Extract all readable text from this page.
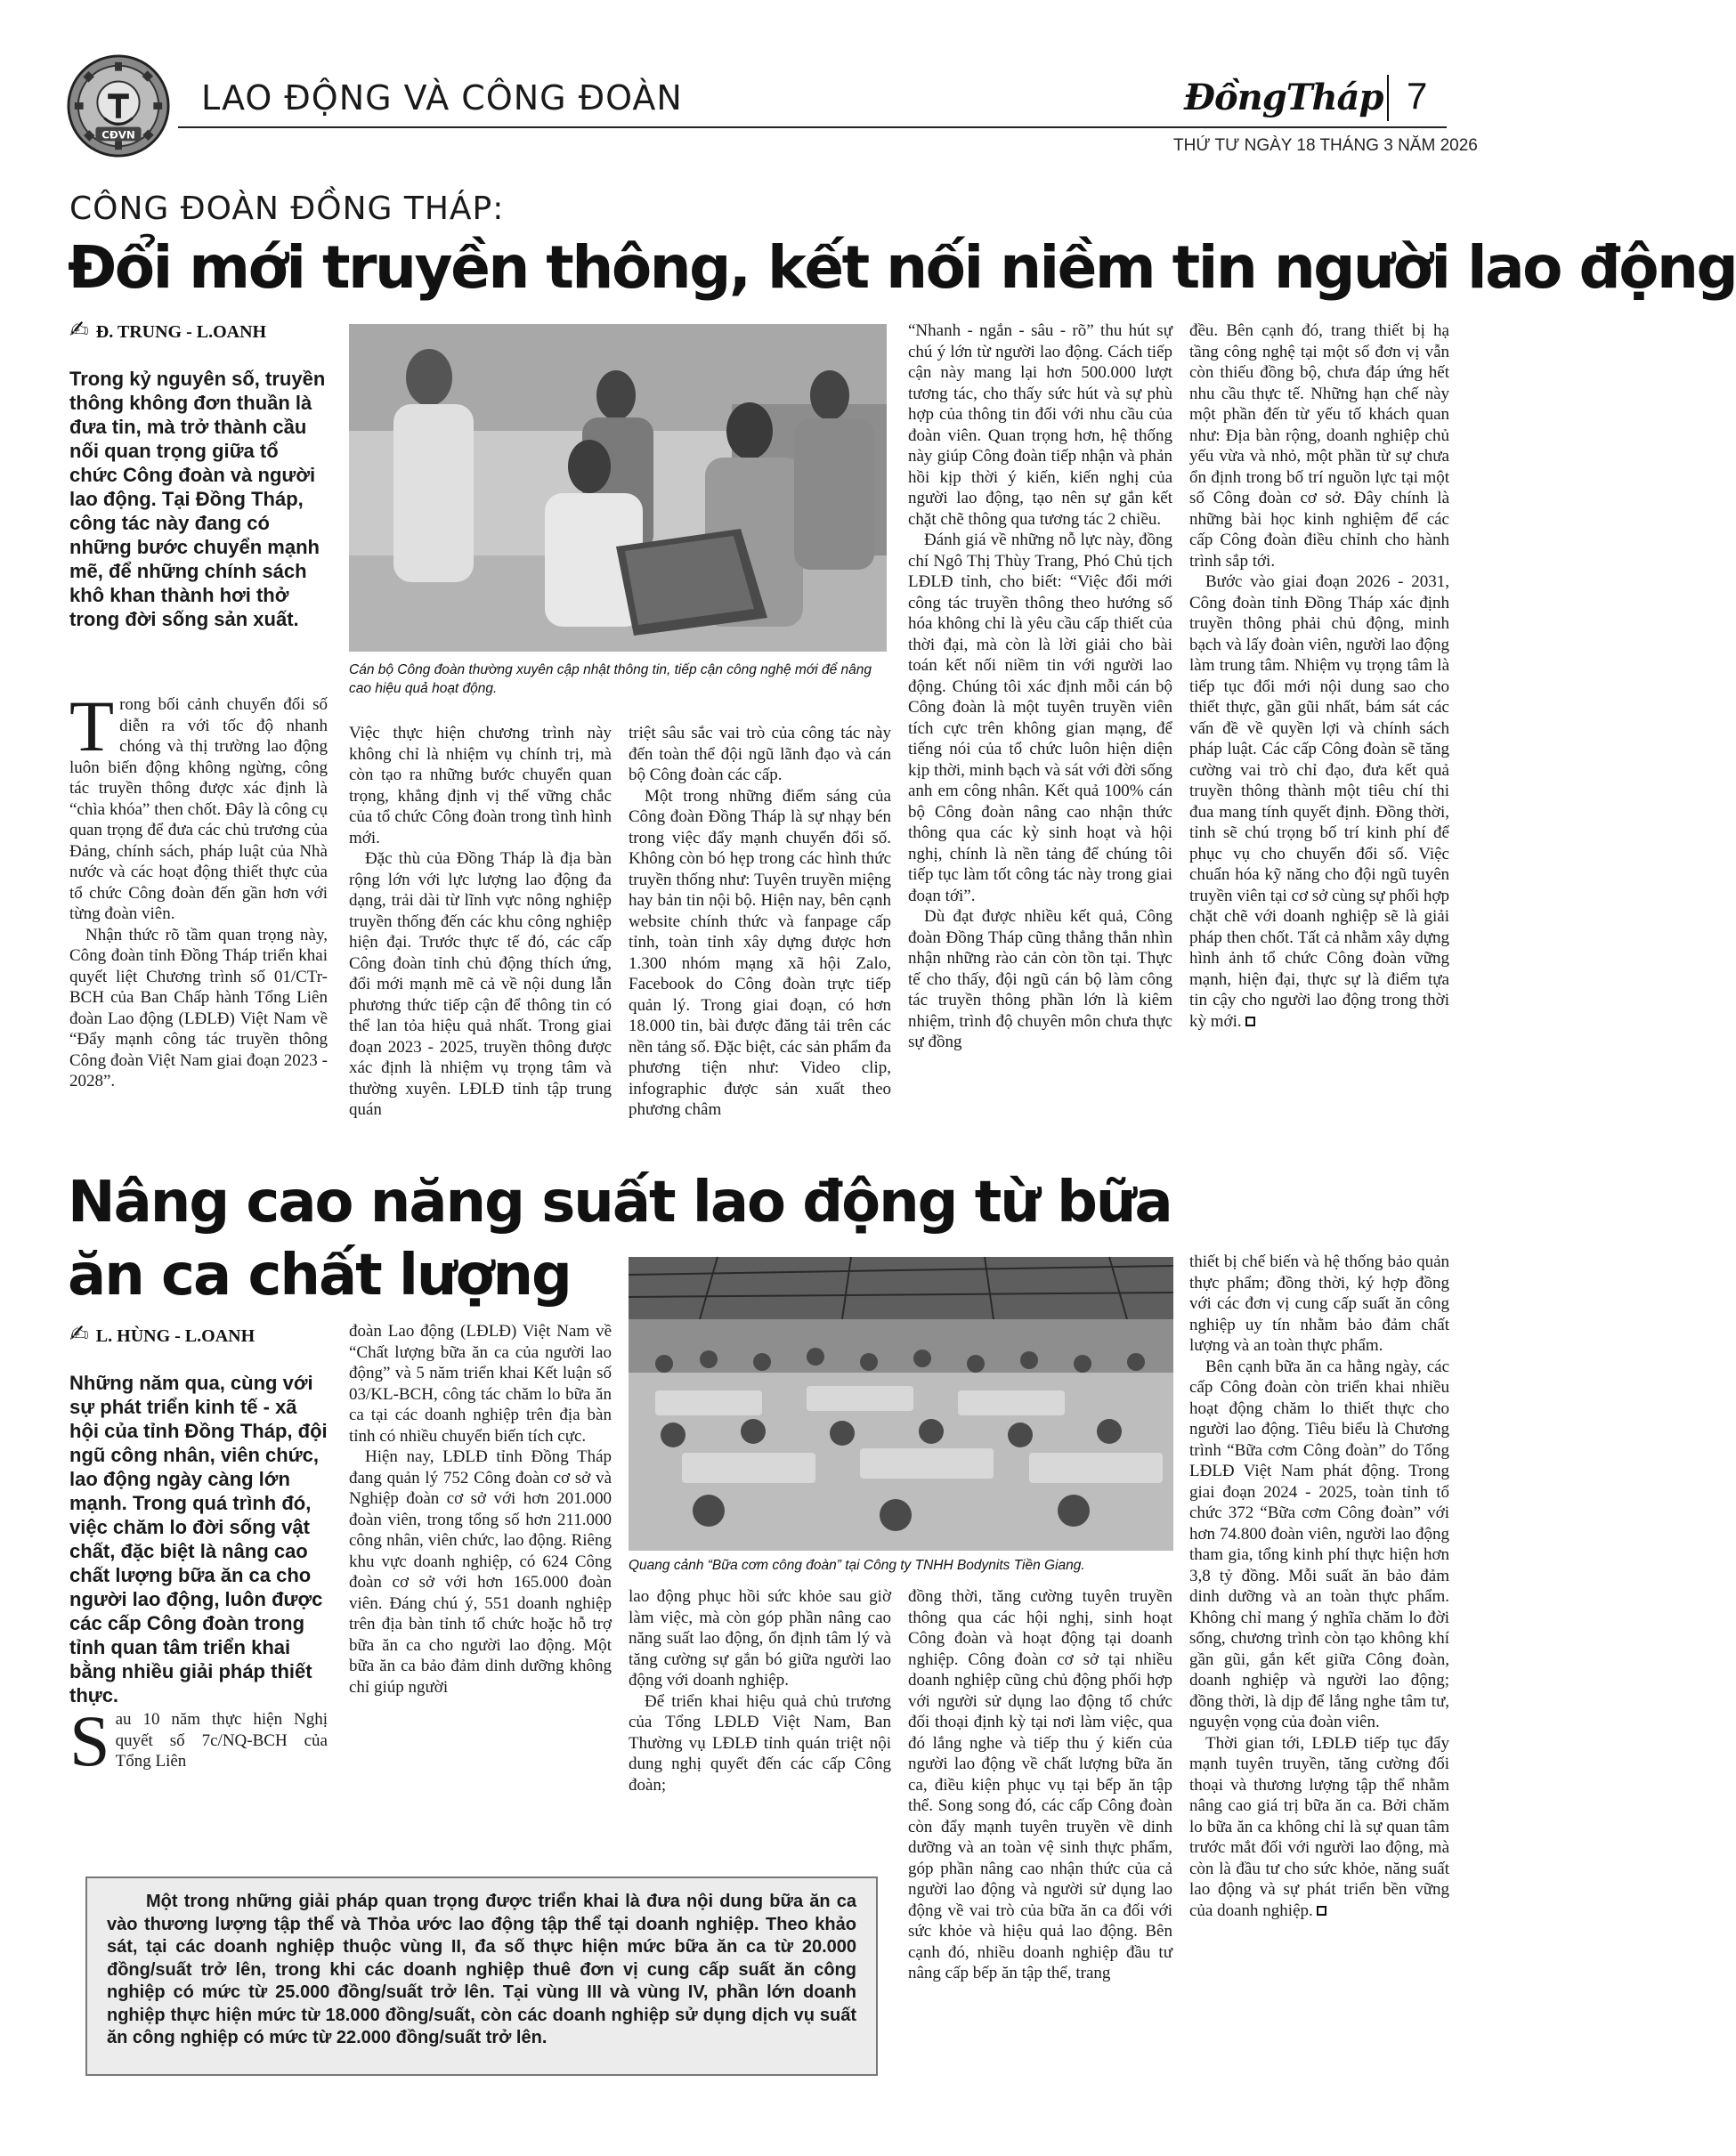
CĐVN
LAO ĐỘNG VÀ CÔNG ĐOÀN	ĐồngTháp 7
THỨ TƯ NGÀY 18 THÁNG 3 NĂM 2026
CÔNG ĐOÀN ĐỒNG THÁP:
Đổi mới truyền thông, kết nối niềm tin người lao động
✍ Đ. TRUNG - L.OANH
Trong kỷ nguyên số, truyền thông không đơn thuần là đưa tin, mà trở thành cầu nối quan trọng giữa tổ chức Công đoàn và người lao động. Tại Đồng Tháp, công tác này đang có những bước chuyển mạnh mẽ, để những chính sách khô khan thành hơi thở trong đời sống sản xuất.
Cán bộ Công đoàn thường xuyên cập nhật thông tin, tiếp cận công nghệ mới để nâng cao hiệu quả hoạt động.

Trong bối cảnh chuyển đổi số diễn ra với tốc độ nhanh chóng và thị trường lao động luôn biến động không ngừng, công tác truyền thông được xác định là “chìa khóa” then chốt. Đây là công cụ quan trọng để đưa các chủ trương của Đảng, chính sách, pháp luật của Nhà nước và các hoạt động thiết thực của tổ chức Công đoàn đến gần hơn với từng đoàn viên.

Nhận thức rõ tầm quan trọng này, Công đoàn tỉnh Đồng Tháp triển khai quyết liệt Chương trình số 01/CTr-BCH của Ban Chấp hành Tổng Liên đoàn Lao động (LĐLĐ) Việt Nam về “Đẩy mạnh công tác truyền thông Công đoàn Việt Nam giai đoạn 2023 - 2028”.

Việc thực hiện chương trình này không chỉ là nhiệm vụ chính trị, mà còn tạo ra những bước chuyển quan trọng, khẳng định vị thế vững chắc của tổ chức Công đoàn trong tình hình mới.

Đặc thù của Đồng Tháp là địa bàn rộng lớn với lực lượng lao động đa dạng, trải dài từ lĩnh vực nông nghiệp truyền thống đến các khu công nghiệp hiện đại. Trước thực tế đó, các cấp Công đoàn tỉnh chủ động thích ứng, đổi mới mạnh mẽ cả về nội dung lẫn phương thức tiếp cận để thông tin có thể lan tỏa hiệu quả nhất. Trong giai đoạn 2023 - 2025, truyền thông được xác định là nhiệm vụ trọng tâm và thường xuyên. LĐLĐ tỉnh tập trung quán

triệt sâu sắc vai trò của công tác này đến toàn thể đội ngũ lãnh đạo và cán bộ Công đoàn các cấp.

Một trong những điểm sáng của Công đoàn Đồng Tháp là sự nhạy bén trong việc đẩy mạnh chuyển đổi số. Không còn bó hẹp trong các hình thức truyền thống như: Tuyên truyền miệng hay bản tin nội bộ. Hiện nay, bên cạnh website chính thức và fanpage cấp tỉnh, toàn tỉnh xây dựng được hơn 1.300 nhóm mạng xã hội Zalo, Facebook do Công đoàn trực tiếp quản lý. Trong giai đoạn, có hơn 18.000 tin, bài được đăng tải trên các nền tảng số. Đặc biệt, các sản phẩm đa phương tiện như: Video clip, infographic được sản xuất theo phương châm

“Nhanh - ngắn - sâu - rõ” thu hút sự chú ý lớn từ người lao động. Cách tiếp cận này mang lại hơn 500.000 lượt tương tác, cho thấy sức hút và sự phù hợp của thông tin đối với nhu cầu của đoàn viên. Quan trọng hơn, hệ thống này giúp Công đoàn tiếp nhận và phản hồi kịp thời ý kiến, kiến nghị của người lao động, tạo nên sự gắn kết chặt chẽ thông qua tương tác 2 chiều.

Đánh giá về những nỗ lực này, đồng chí Ngô Thị Thùy Trang, Phó Chủ tịch LĐLĐ tỉnh, cho biết: “Việc đổi mới công tác truyền thông theo hướng số hóa không chỉ là yêu cầu cấp thiết của thời đại, mà còn là lời giải cho bài toán kết nối niềm tin với người lao động. Chúng tôi xác định mỗi cán bộ Công đoàn là một tuyên truyền viên tích cực trên không gian mạng, để tiếng nói của tổ chức luôn hiện diện kịp thời, minh bạch và sát với đời sống anh em công nhân. Kết quả 100% cán bộ Công đoàn nâng cao nhận thức thông qua các kỳ sinh hoạt và hội nghị, chính là nền tảng để chúng tôi tiếp tục làm tốt công tác này trong giai đoạn tới”.

Dù đạt được nhiều kết quả, Công đoàn Đồng Tháp cũng thẳng thắn nhìn nhận những rào cản còn tồn tại. Thực tế cho thấy, đội ngũ cán bộ làm công tác truyền thông phần lớn là kiêm nhiệm, trình độ chuyên môn chưa thực sự đồng

đều. Bên cạnh đó, trang thiết bị hạ tầng công nghệ tại một số đơn vị vẫn còn thiếu đồng bộ, chưa đáp ứng hết nhu cầu thực tế. Những hạn chế này một phần đến từ yếu tố khách quan như: Địa bàn rộng, doanh nghiệp chủ yếu vừa và nhỏ, một phần từ sự chưa ổn định trong bố trí nguồn lực tại một số Công đoàn cơ sở. Đây chính là những bài học kinh nghiệm để các cấp Công đoàn điều chỉnh cho hành trình sắp tới.

Bước vào giai đoạn 2026 - 2031, Công đoàn tỉnh Đồng Tháp xác định truyền thông phải chủ động, minh bạch và lấy đoàn viên, người lao động làm trung tâm. Nhiệm vụ trọng tâm là tiếp tục đổi mới nội dung sao cho thiết thực, gần gũi nhất, bám sát các vấn đề về quyền lợi và chính sách pháp luật. Các cấp Công đoàn sẽ tăng cường vai trò chỉ đạo, đưa kết quả truyền thông thành một tiêu chí thi đua mang tính quyết định. Đồng thời, tỉnh sẽ chú trọng bố trí kinh phí để phục vụ cho chuyển đổi số. Việc chuẩn hóa kỹ năng cho đội ngũ tuyên truyền viên tại cơ sở cùng sự phối hợp chặt chẽ với doanh nghiệp sẽ là giải pháp then chốt. Tất cả nhằm xây dựng hình ảnh tổ chức Công đoàn vững mạnh, hiện đại, thực sự là điểm tựa tin cậy cho người lao động trong thời kỳ mới.

Nâng cao năng suất lao động từ bữa ăn ca chất lượng
✍ L. HÙNG - L.OANH
Những năm qua, cùng với sự phát triển kinh tế - xã hội của tỉnh Đồng Tháp, đội ngũ công nhân, viên chức, lao động ngày càng lớn mạnh. Trong quá trình đó, việc chăm lo đời sống vật chất, đặc biệt là nâng cao chất lượng bữa ăn ca cho người lao động, luôn được các cấp Công đoàn trong tỉnh quan tâm triển khai bằng nhiều giải pháp thiết thực.
Quang cảnh “Bữa cơm công đoàn” tại Công ty TNHH Bodynits Tiền Giang.

Sau 10 năm thực hiện Nghị quyết số 7c/NQ-BCH của Tổng Liên

đoàn Lao động (LĐLĐ) Việt Nam về “Chất lượng bữa ăn ca của người lao động” và 5 năm triển khai Kết luận số 03/KL-BCH, công tác chăm lo bữa ăn ca tại các doanh nghiệp trên địa bàn tỉnh có nhiều chuyển biến tích cực.

Hiện nay, LĐLĐ tỉnh Đồng Tháp đang quản lý 752 Công đoàn cơ sở và Nghiệp đoàn cơ sở với hơn 201.000 đoàn viên, trong tổng số hơn 211.000 công nhân, viên chức, lao động. Riêng khu vực doanh nghiệp, có 624 Công đoàn cơ sở với hơn 165.000 đoàn viên. Đáng chú ý, 551 doanh nghiệp trên địa bàn tỉnh tổ chức hoặc hỗ trợ bữa ăn ca cho người lao động. Một bữa ăn ca bảo đảm dinh dưỡng không chỉ giúp người

lao động phục hồi sức khỏe sau giờ làm việc, mà còn góp phần nâng cao năng suất lao động, ổn định tâm lý và tăng cường sự gắn bó giữa người lao động với doanh nghiệp.

Để triển khai hiệu quả chủ trương của Tổng LĐLĐ Việt Nam, Ban Thường vụ LĐLĐ tỉnh quán triệt nội dung nghị quyết đến các cấp Công đoàn;

đồng thời, tăng cường tuyên truyền thông qua các hội nghị, sinh hoạt Công đoàn và hoạt động tại doanh nghiệp. Công đoàn cơ sở tại nhiều doanh nghiệp cũng chủ động phối hợp với người sử dụng lao động tổ chức đối thoại định kỳ tại nơi làm việc, qua đó lắng nghe và tiếp thu ý kiến của người lao động về chất lượng bữa ăn ca, điều kiện phục vụ tại bếp ăn tập thể. Song song đó, các cấp Công đoàn còn đẩy mạnh tuyên truyền về dinh dưỡng và an toàn vệ sinh thực phẩm, góp phần nâng cao nhận thức của cả người lao động và người sử dụng lao động về vai trò của bữa ăn ca đối với sức khỏe và hiệu quả lao động. Bên cạnh đó, nhiều doanh nghiệp đầu tư nâng cấp bếp ăn tập thể, trang

thiết bị chế biến và hệ thống bảo quản thực phẩm; đồng thời, ký hợp đồng với các đơn vị cung cấp suất ăn công nghiệp uy tín nhằm bảo đảm chất lượng và an toàn thực phẩm.

Bên cạnh bữa ăn ca hằng ngày, các cấp Công đoàn còn triển khai nhiều hoạt động chăm lo thiết thực cho người lao động. Tiêu biểu là Chương trình “Bữa cơm Công đoàn” do Tổng LĐLĐ Việt Nam phát động. Trong giai đoạn 2024 - 2025, toàn tỉnh tổ chức 372 “Bữa cơm Công đoàn” với hơn 74.800 đoàn viên, người lao động tham gia, tổng kinh phí thực hiện hơn 3,8 tỷ đồng. Mỗi suất ăn bảo đảm dinh dưỡng và an toàn thực phẩm. Không chỉ mang ý nghĩa chăm lo đời sống, chương trình còn tạo không khí gần gũi, gắn kết giữa Công đoàn, doanh nghiệp và người lao động; đồng thời, là dịp để lắng nghe tâm tư, nguyện vọng của đoàn viên.

Thời gian tới, LĐLĐ tiếp tục đẩy mạnh tuyên truyền, tăng cường đối thoại và thương lượng tập thể nhằm nâng cao giá trị bữa ăn ca. Bởi chăm lo bữa ăn ca không chỉ là sự quan tâm trước mắt đối với người lao động, mà còn là đầu tư cho sức khỏe, năng suất lao động và sự phát triển bền vững của doanh nghiệp.

Một trong những giải pháp quan trọng được triển khai là đưa nội dung bữa ăn ca vào thương lượng tập thể và Thỏa ước lao động tập thể tại doanh nghiệp. Theo khảo sát, tại các doanh nghiệp thuộc vùng II, đa số thực hiện mức bữa ăn ca từ 20.000 đồng/suất trở lên, trong khi các doanh nghiệp thuê đơn vị cung cấp suất ăn công nghiệp có mức từ 25.000 đồng/suất trở lên. Tại vùng III và vùng IV, phần lớn doanh nghiệp thực hiện mức từ 18.000 đồng/suất, còn các doanh nghiệp sử dụng dịch vụ suất ăn công nghiệp có mức từ 22.000 đồng/suất trở lên.
